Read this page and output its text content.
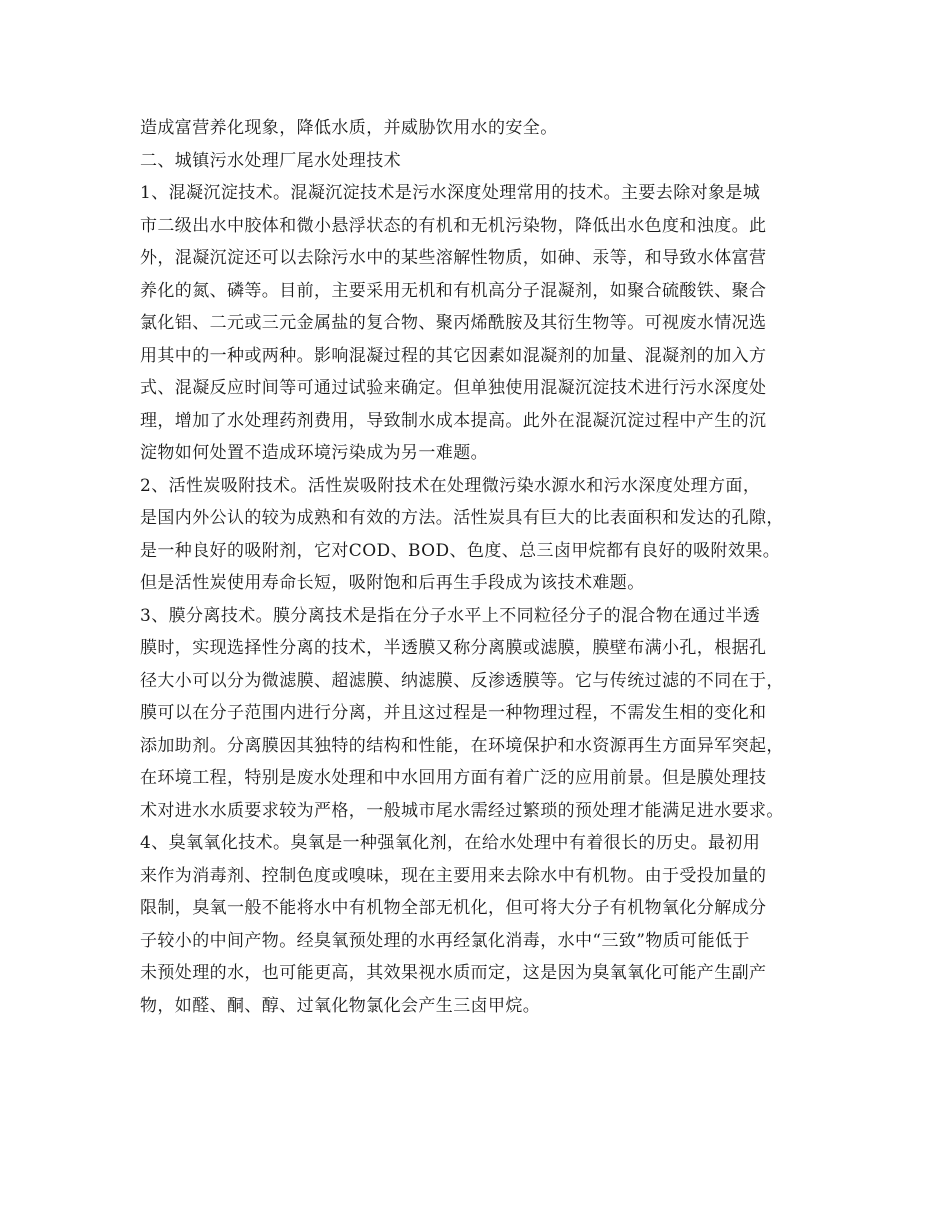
造成富营养化现象，降低水质，并威胁饮用水的安全。
二、城镇污水处理厂尾水处理技术
1、混凝沉淀技术。混凝沉淀技术是污水深度处理常用的技术。主要去除对象是城
市二级出水中胶体和微小悬浮状态的有机和无机污染物，降低出水色度和浊度。此
外，混凝沉淀还可以去除污水中的某些溶解性物质，如砷、汞等，和导致水体富营
养化的氮、磷等。目前，主要采用无机和有机高分子混凝剂，如聚合硫酸铁、聚合
氯化铝、二元或三元金属盐的复合物、聚丙烯酰胺及其衍生物等。可视废水情况选
用其中的一种或两种。影响混凝过程的其它因素如混凝剂的加量、混凝剂的加入方
式、混凝反应时间等可通过试验来确定。但单独使用混凝沉淀技术进行污水深度处
理，增加了水处理药剂费用，导致制水成本提高。此外在混凝沉淀过程中产生的沉
淀物如何处置不造成环境污染成为另一难题。
2、活性炭吸附技术。活性炭吸附技术在处理微污染水源水和污水深度处理方面，
是国内外公认的较为成熟和有效的方法。活性炭具有巨大的比表面积和发达的孔隙，
是一种良好的吸附剂，它对COD、BOD、色度、总三卤甲烷都有良好的吸附效果。
但是活性炭使用寿命长短，吸附饱和后再生手段成为该技术难题。
3、膜分离技术。膜分离技术是指在分子水平上不同粒径分子的混合物在通过半透
膜时，实现选择性分离的技术，半透膜又称分离膜或滤膜，膜壁布满小孔，根据孔
径大小可以分为微滤膜、超滤膜、纳滤膜、反渗透膜等。它与传统过滤的不同在于，
膜可以在分子范围内进行分离，并且这过程是一种物理过程，不需发生相的变化和
添加助剂。分离膜因其独特的结构和性能，在环境保护和水资源再生方面异军突起，
在环境工程，特别是废水处理和中水回用方面有着广泛的应用前景。但是膜处理技
术对进水水质要求较为严格，一般城市尾水需经过繁琐的预处理才能满足进水要求。
4、臭氧氧化技术。臭氧是一种强氧化剂，在给水处理中有着很长的历史。最初用
来作为消毒剂、控制色度或嗅味，现在主要用来去除水中有机物。由于受投加量的
限制，臭氧一般不能将水中有机物全部无机化，但可将大分子有机物氧化分解成分
子较小的中间产物。经臭氧预处理的水再经氯化消毒，水中“三致”物质可能低于
未预处理的水，也可能更高，其效果视水质而定，这是因为臭氧氧化可能产生副产
物，如醛、酮、醇、过氧化物氯化会产生三卤甲烷。
